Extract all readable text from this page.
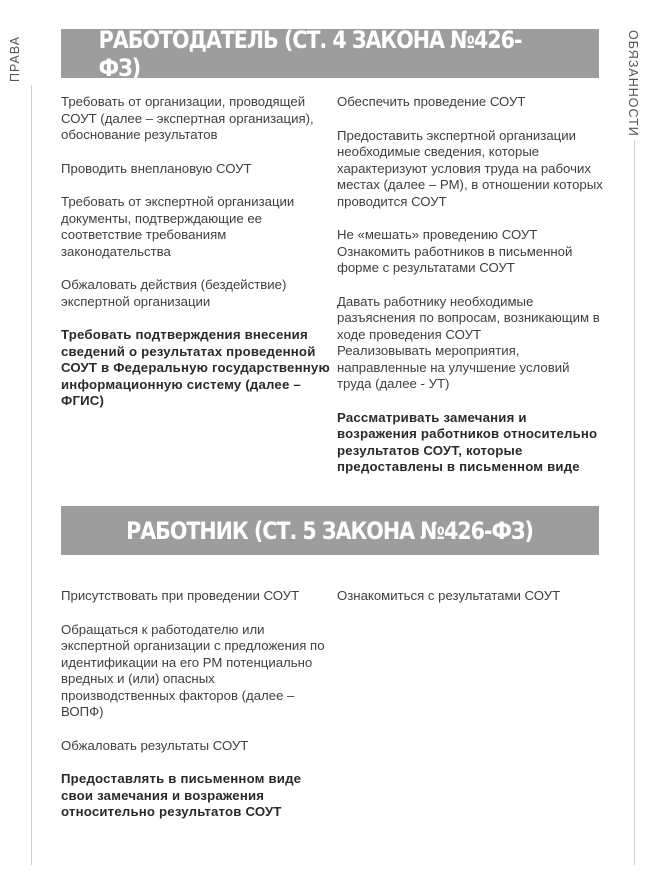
ПРАВА	ОБЯЗАННОСТИ
РАБОТОДАТЕЛЬ (СТ. 4 ЗАКОНА №426-ФЗ)

Требовать от организации, проводящей СОУТ (далее – экспертная организация), обоснование результатов

Проводить внеплановую СОУТ

Требовать от экспертной организации документы, подтверждающие ее соответствие требованиям законодательства

Обжаловать действия (бездействие) экспертной организации

Требовать подтверждения внесения сведений о результатах проведенной СОУТ в Федеральную государственную информационную систему (далее – ФГИС)

Обеспечить проведение СОУТ

Предоставить экспертной организации необходимые сведения, которые характеризуют условия труда на рабочих местах (далее – РМ), в отношении которых проводится СОУТ

Не «мешать» проведению СОУТ

Ознакомить работников в письменной форме с результатами СОУТ

Давать работнику необходимые разъяснения по вопросам, возникающим в ходе проведения СОУТ

Реализовывать мероприятия, направленные на улучшение условий труда (далее - УТ)

Рассматривать замечания и возражения работников относительно результатов СОУТ, которые предоставлены в письменном виде

РАБОТНИК (СТ. 5 ЗАКОНА №426-ФЗ)

Присутствовать при проведении СОУТ

Обращаться к работодателю или экспертной организации с предложения по идентификации на его РМ потенциально вредных и (или) опасных производственных факторов (далее – ВОПФ)

Обжаловать результаты СОУТ

Предоставлять в письменном виде свои замечания и возражения относительно результатов СОУТ

Ознакомиться с результатами СОУТ
